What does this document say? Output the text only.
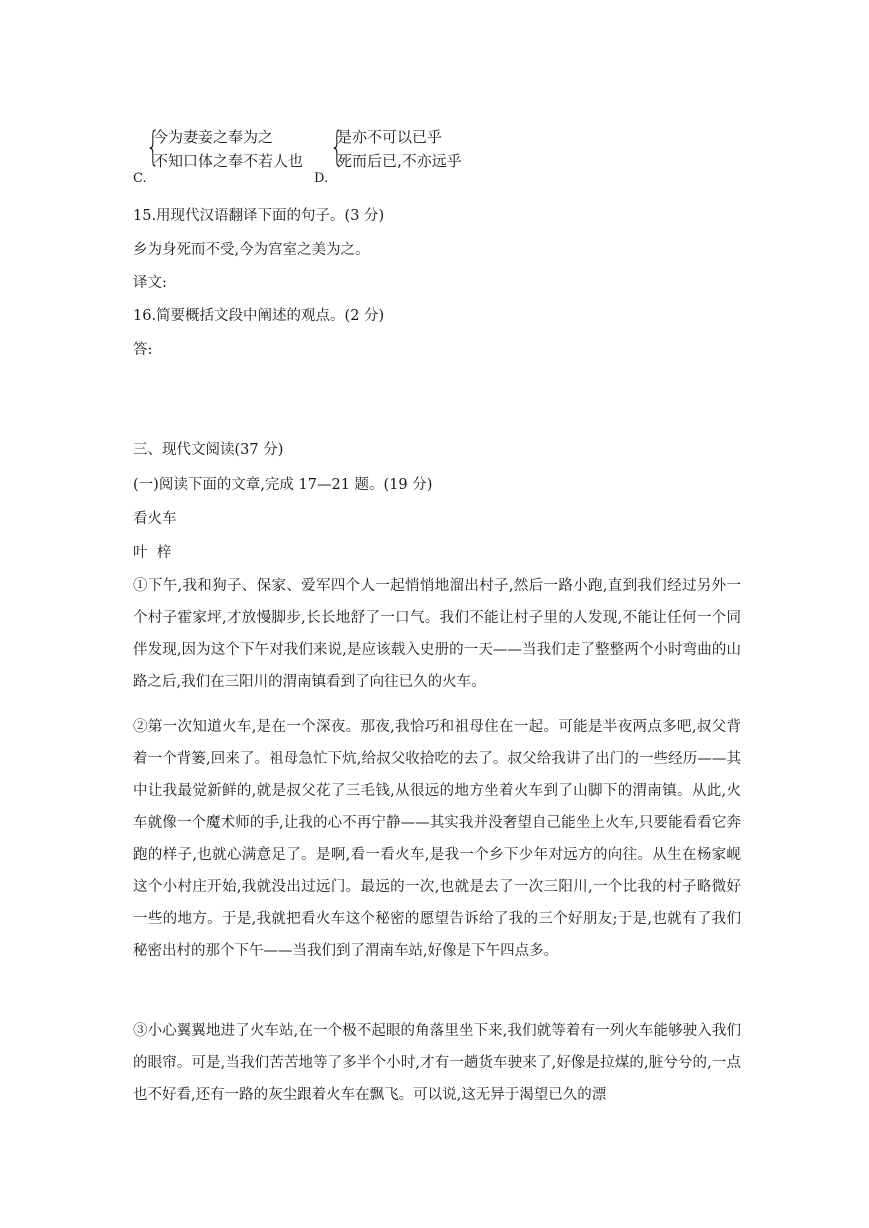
{
今为妻妾之奉为之
不知口体之奉不若人也
C.
{
是亦不可以已乎
死而后已,不亦远乎
D.
15.用现代汉语翻译下面的句子。(3 分)
乡为身死而不受,今为宫室之美为之。
译文:
16.简要概括文段中阐述的观点。(2 分)
答:
三、现代文阅读(37 分)
(一)阅读下面的文章,完成 17—21 题。(19 分)
看火车
叶  梓
①下午,我和狗子、保家、爱军四个人一起悄悄地溜出村子,然后一路小跑,直到我们经过另外一个村子霍家坪,才放慢脚步,长长地舒了一口气。我们不能让村子里的人发现,不能让任何一个同伴发现,因为这个下午对我们来说,是应该载入史册的一天——当我们走了整整两个小时弯曲的山路之后,我们在三阳川的渭南镇看到了向往已久的火车。
②第一次知道火车,是在一个深夜。那夜,我恰巧和祖母住在一起。可能是半夜两点多吧,叔父背着一个背篓,回来了。祖母急忙下炕,给叔父收拾吃的去了。叔父给我讲了出门的一些经历——其中让我最觉新鲜的,就是叔父花了三毛钱,从很远的地方坐着火车到了山脚下的渭南镇。从此,火车就像一个魔术师的手,让我的心不再宁静——其实我并没奢望自己能坐上火车,只要能看看它奔跑的样子,也就心满意足了。是啊,看一看火车,是我一个乡下少年对远方的向往。从生在杨家岘这个小村庄开始,我就没出过远门。最远的一次,也就是去了一次三阳川,一个比我的村子略微好一些的地方。于是,我就把看火车这个秘密的愿望告诉给了我的三个好朋友;于是,也就有了我们秘密出村的那个下午——当我们到了渭南车站,好像是下午四点多。
③小心翼翼地进了火车站,在一个极不起眼的角落里坐下来,我们就等着有一列火车能够驶入我们的眼帘。可是,当我们苦苦地等了多半个小时,才有一趟货车驶来了,好像是拉煤的,脏兮兮的,一点也不好看,还有一路的灰尘跟着火车在飘飞。可以说,这无异于渴望已久的漂
